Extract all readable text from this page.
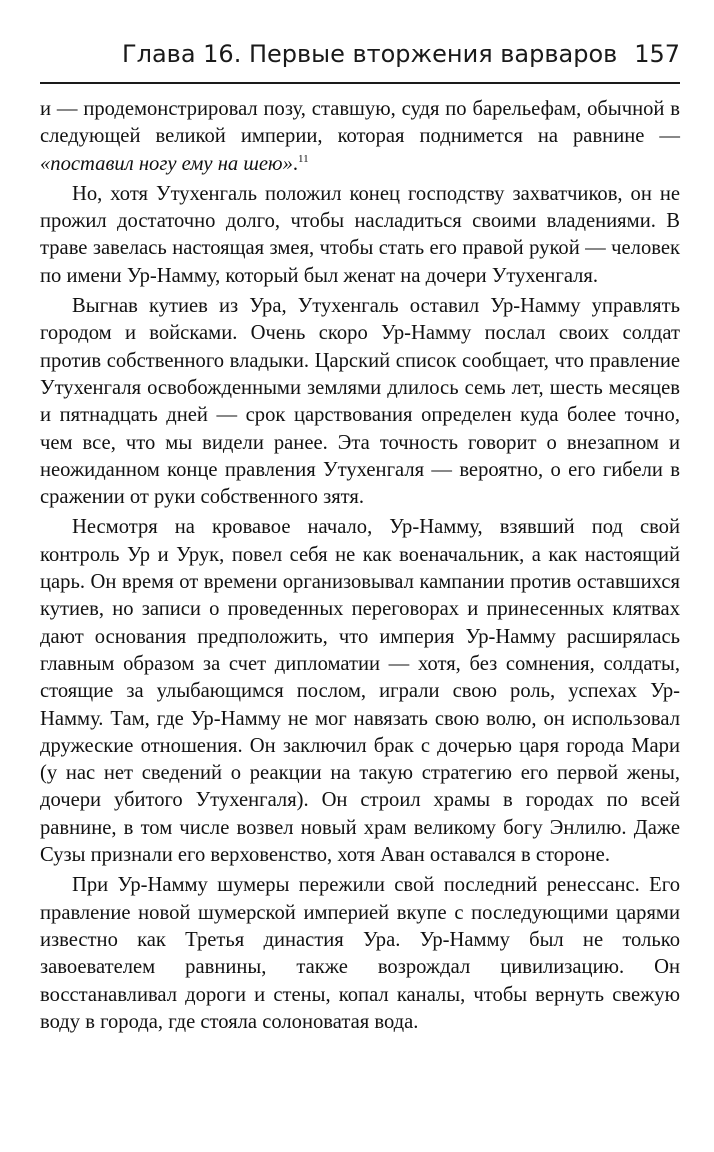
Глава 16. Первые вторжения варваров 157

и — продемонстрировал позу, ставшую, судя по барельефам, обычной в следующей великой империи, которая поднимется на равнине — «поставил ногу ему на шею».$^{11}$

Но, хотя Утухенгаль положил конец господству захватчиков, он не прожил достаточно долго, чтобы насладиться своими владениями. В траве завелась настоящая змея, чтобы стать его правой рукой — человек по имени Ур-Намму, который был женат на дочери Утухенгаля.

Выгнав кутиев из Ура, Утухенгаль оставил Ур-Намму управлять городом и войсками. Очень скоро Ур-Намму послал своих солдат против собственного владыки. Царский список сообщает, что правление Утухенгаля освобожденными землями длилось семь лет, шесть месяцев и пятнадцать дней — срок царствования определен куда более точно, чем все, что мы видели ранее. Эта точность говорит о внезапном и неожиданном конце правления Утухенгаля — вероятно, о его гибели в сражении от руки собственного зятя.

Несмотря на кровавое начало, Ур-Намму, взявший под свой контроль Ур и Урук, повел себя не как военачальник, а как настоящий царь. Он время от времени организовывал кампании против оставшихся кутиев, но записи о проведенных переговорах и принесенных клятвах дают основания предположить, что империя Ур-Намму расширялась главным образом за счет дипломатии — хотя, без сомнения, солдаты, стоящие за улыбающимся послом, играли свою роль, успехах Ур-Намму. Там, где Ур-Намму не мог навязать свою волю, он использовал дружеские отношения. Он заключил брак с дочерью царя города Мари (у нас нет сведений о реакции на такую стратегию его первой жены, дочери убитого Утухенгаля). Он строил храмы в городах по всей равнине, в том числе возвел новый храм великому богу Энлилю. Даже Сузы признали его верховенство, хотя Аван оставался в стороне.

При Ур-Намму шумеры пережили свой последний ренессанс. Его правление новой шумерской империей вкупе с последующими царями известно как Третья династия Ура. Ур-Намму был не только завоевателем равнины, также возрождал цивилизацию. Он восстанавливал дороги и стены, копал каналы, чтобы вернуть свежую воду в города, где стояла солоноватая вода.
